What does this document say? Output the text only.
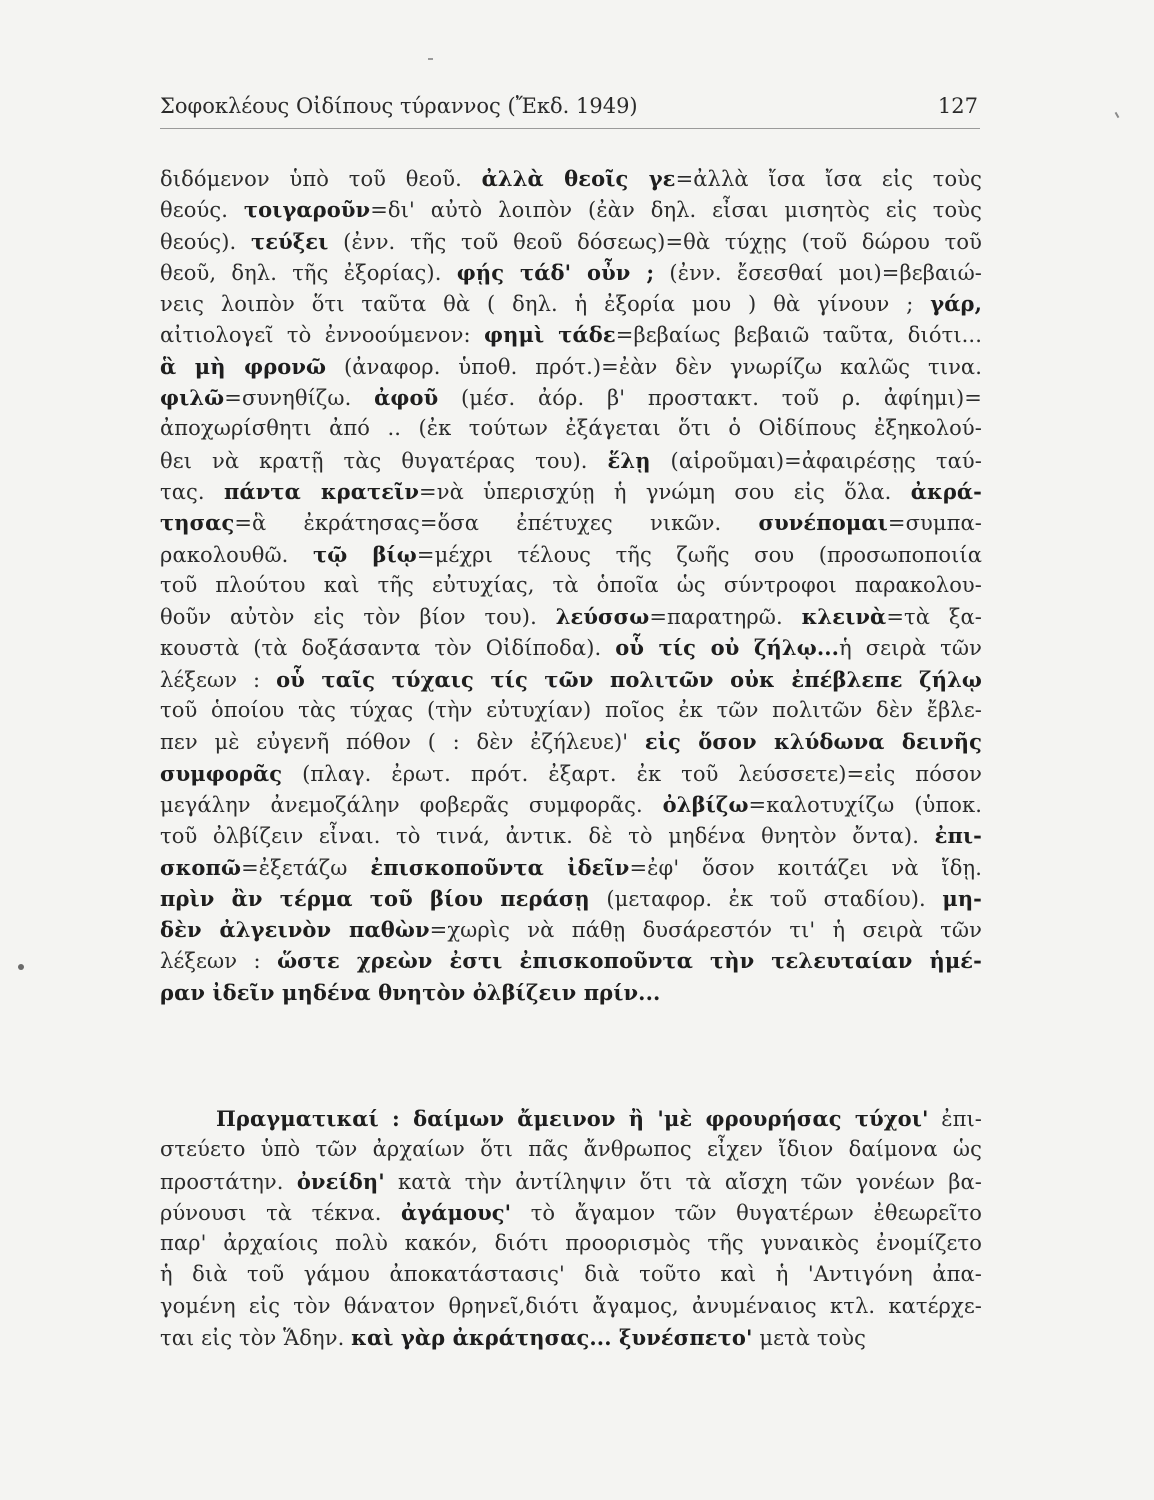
Σοφοκλέους Οἰδίπους τύραννος (Ἔκδ. 1949)	127
διδόμενον ὑπὸ τοῦ θεοῦ. ἀλλὰ θεοῖς γε=ἀλλὰ ἴσα ἴσα εἰς τοὺς
θεούς. τοιγαροῦν=δι' αὐτὸ λοιπὸν (ἐὰν δηλ. εἶσαι μισητὸς εἰς τοὺς
θεούς). τεύξει (ἐνν. τῆς τοῦ θεοῦ δόσεως)=θὰ τύχῃς (τοῦ δώρου τοῦ
θεοῦ, δηλ. τῆς ἐξορίας). φῄς τάδ' οὖν ; (ἐνν. ἔσεσθαί μοι)=βεβαιώ-
νεις λοιπὸν ὅτι ταῦτα θὰ ( δηλ. ἡ ἐξορία μου ) θὰ γίνουν ; γάρ,
αἰτιολογεῖ τὸ ἐννοούμενον: φημὶ τάδε=βεβαίως βεβαιῶ ταῦτα, διότι...
ἃ μὴ φρονῶ (ἀναφορ. ὑποθ. πρότ.)=ἐὰν δὲν γνωρίζω καλῶς τινα.
φιλῶ=συνηθίζω. ἀφοῦ (μέσ. ἀόρ. β' προστακτ. τοῦ ρ. ἀφίημι)=
ἀποχωρίσθητι ἀπό .. (ἐκ τούτων ἐξάγεται ὅτι ὁ Οἰδίπους ἐξηκολού-
θει νὰ κρατῇ τὰς θυγατέρας του). ἕλῃ (αἱροῦμαι)=ἀφαιρέσῃς ταύ-
τας. πάντα κρατεῖν=νὰ ὑπερισχύῃ ἡ γνώμη σου εἰς ὅλα. ἀκρά-
τησας=ἃ ἐκράτησας=ὅσα ἐπέτυχες νικῶν. συνέπομαι=συμπα-
ρακολουθῶ. τῷ βίῳ=μέχρι τέλους τῆς ζωῆς σου (προσωποποιία
τοῦ πλούτου καὶ τῆς εὐτυχίας, τὰ ὁποῖα ὡς σύντροφοι παρακολου-
θοῦν αὐτὸν εἰς τὸν βίον του). λεύσσω=παρατηρῶ. κλεινὰ=τὰ ξα-
κουστὰ (τὰ δοξάσαντα τὸν Οἰδίποδα). οὗ τίς οὐ ζήλῳ...ἡ σειρὰ τῶν
λέξεων : οὗ ταῖς τύχαις τίς τῶν πολιτῶν οὐκ ἐπέβλεπε ζήλῳ
τοῦ ὁποίου τὰς τύχας (τὴν εὐτυχίαν) ποῖος ἐκ τῶν πολιτῶν δὲν ἔβλε-
πεν μὲ εὐγενῆ πόθον ( : δὲν ἐζήλευε)' εἰς ὅσον κλύδωνα δεινῆς
συμφορᾶς (πλαγ. ἐρωτ. πρότ. ἐξαρτ. ἐκ τοῦ λεύσσετε)=εἰς πόσον
μεγάλην ἀνεμοζάλην φοβερᾶς συμφορᾶς. ὀλβίζω=καλοτυχίζω (ὑποκ.
τοῦ ὀλβίζειν εἶναι. τὸ τινά, ἀντικ. δὲ τὸ μηδένα θνητὸν ὄντα). ἐπι-
σκοπῶ=ἐξετάζω ἐπισκοποῦντα ἰδεῖν=ἐφ' ὅσον κοιτάζει νὰ ἴδῃ.
πρὶν ἂν τέρμα τοῦ βίου περάσῃ (μεταφορ. ἐκ τοῦ σταδίου). μη-
δὲν ἀλγεινὸν παθὼν=χωρὶς νὰ πάθῃ δυσάρεστόν τι' ἡ σειρὰ τῶν
λέξεων : ὥστε χρεὼν ἐστι ἐπισκοποῦντα τὴν τελευταίαν ἡμέ-
ραν ἰδεῖν μηδένα θνητὸν ὀλβίζειν πρίν...
Πραγματικαί : δαίμων ἄμεινον ἢ 'μὲ φρουρήσας τύχοι' ἐπι-
στεύετο ὑπὸ τῶν ἀρχαίων ὅτι πᾶς ἄνθρωπος εἶχεν ἴδιον δαίμονα ὡς
προστάτην. ὀνείδη' κατὰ τὴν ἀντίληψιν ὅτι τὰ αἴσχη τῶν γονέων βα-
ρύνουσι τὰ τέκνα. ἀγάμους' τὸ ἄγαμον τῶν θυγατέρων ἐθεωρεῖτο
παρ' ἀρχαίοις πολὺ κακόν, διότι προορισμὸς τῆς γυναικὸς ἐνομίζετο
ἡ διὰ τοῦ γάμου ἀποκατάστασις' διὰ τοῦτο καὶ ἡ 'Αντιγόνη ἀπα-
γομένη εἰς τὸν θάνατον θρηνεῖ,διότι ἄγαμος, ἀνυμέναιος κτλ. κατέρχε-
ται εἰς τὸν Ἅδην. καὶ γὰρ ἀκράτησας... ξυνέσπετο' μετὰ τοὺς
